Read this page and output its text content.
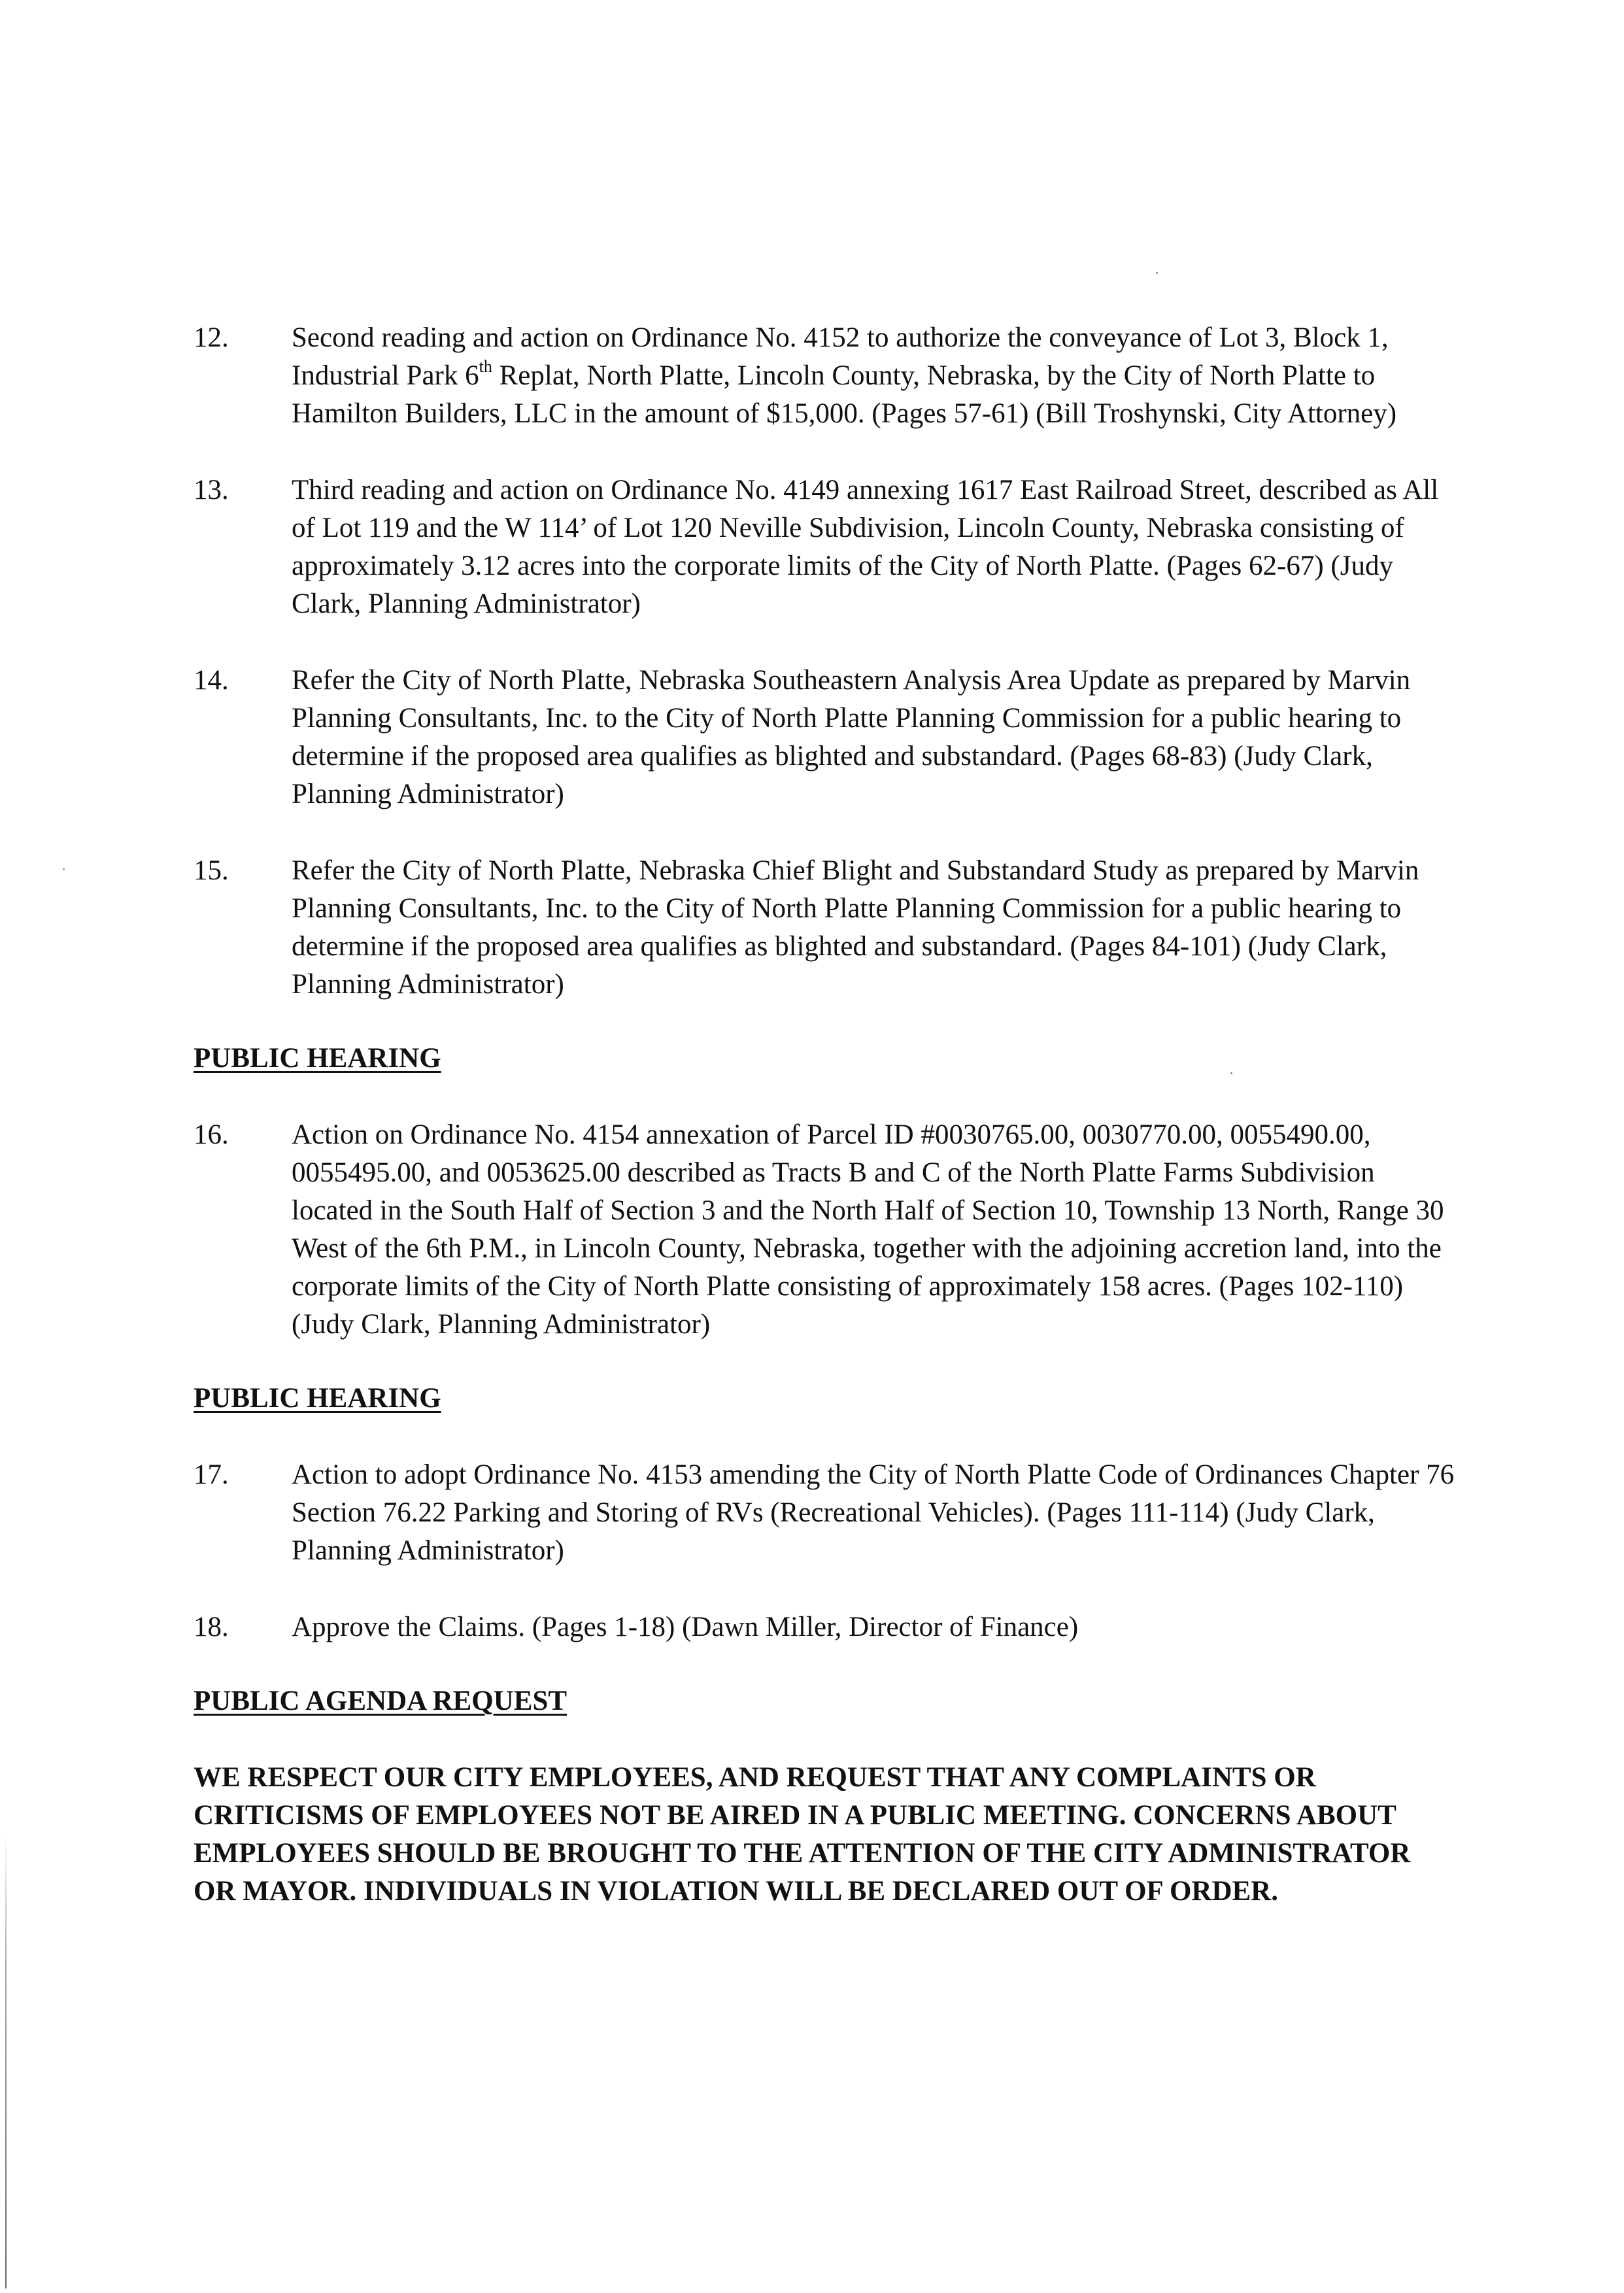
12.	Second reading and action on Ordinance No. 4152 to authorize the conveyance of Lot 3, Block 1, Industrial Park 6th Replat, North Platte, Lincoln County, Nebraska, by the City of North Platte to Hamilton Builders, LLC in the amount of $15,000. (Pages 57-61) (Bill Troshynski, City Attorney)
13.	Third reading and action on Ordinance No. 4149 annexing 1617 East Railroad Street, described as All of Lot 119 and the W 114’ of Lot 120 Neville Subdivision, Lincoln County, Nebraska consisting of approximately 3.12 acres into the corporate limits of the City of North Platte. (Pages 62-67) (Judy Clark, Planning Administrator)
14.	Refer the City of North Platte, Nebraska Southeastern Analysis Area Update as prepared by Marvin Planning Consultants, Inc. to the City of North Platte Planning Commission for a public hearing to determine if the proposed area qualifies as blighted and substandard. (Pages 68-83) (Judy Clark, Planning Administrator)
15.	Refer the City of North Platte, Nebraska Chief Blight and Substandard Study as prepared by Marvin Planning Consultants, Inc. to the City of North Platte Planning Commission for a public hearing to determine if the proposed area qualifies as blighted and substandard. (Pages 84-101) (Judy Clark, Planning Administrator)
PUBLIC HEARING
16.	Action on Ordinance No. 4154 annexation of Parcel ID #0030765.00, 0030770.00, 0055490.00, 0055495.00, and 0053625.00 described as Tracts B and C of the North Platte Farms Subdivision located in the South Half of Section 3 and the North Half of Section 10, Township 13 North, Range 30 West of the 6th P.M., in Lincoln County, Nebraska, together with the adjoining accretion land, into the corporate limits of the City of North Platte consisting of approximately 158 acres. (Pages 102-110) (Judy Clark, Planning Administrator)
PUBLIC HEARING
17.	Action to adopt Ordinance No. 4153 amending the City of North Platte Code of Ordinances Chapter 76 Section 76.22 Parking and Storing of RVs (Recreational Vehicles). (Pages 111-114) (Judy Clark, Planning Administrator)
18.	Approve the Claims. (Pages 1-18) (Dawn Miller, Director of Finance)
PUBLIC AGENDA REQUEST
WE RESPECT OUR CITY EMPLOYEES, AND REQUEST THAT ANY COMPLAINTS OR CRITICISMS OF EMPLOYEES NOT BE AIRED IN A PUBLIC MEETING. CONCERNS ABOUT EMPLOYEES SHOULD BE BROUGHT TO THE ATTENTION OF THE CITY ADMINISTRATOR OR MAYOR. INDIVIDUALS IN VIOLATION WILL BE DECLARED OUT OF ORDER.
